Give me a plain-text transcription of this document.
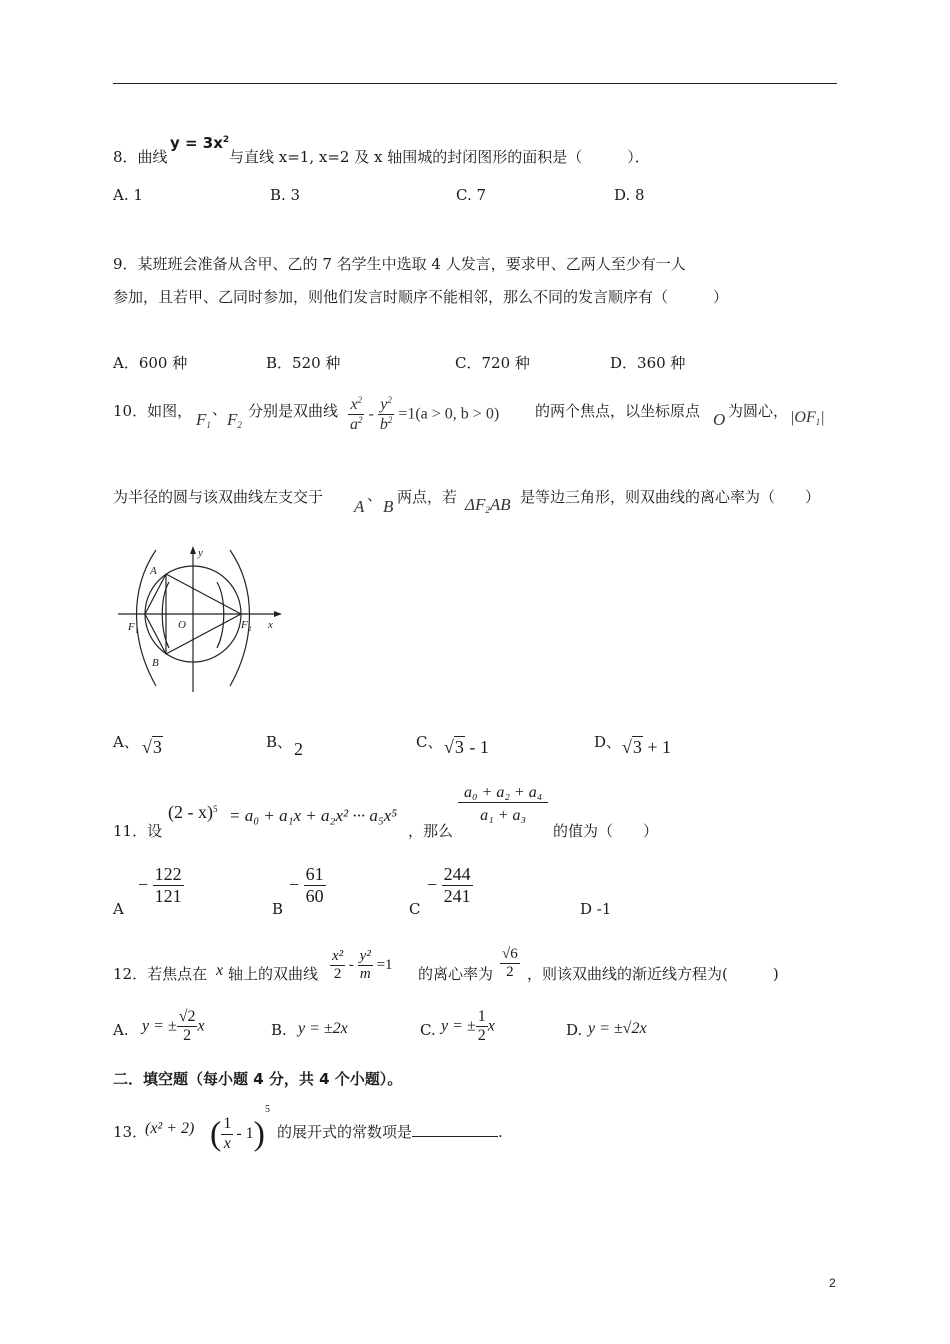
8．曲线
$y = 3x^2$
与直线 x=1, x=2 及 x 轴围城的封闭图形的面积是（　　　）．
A. 1	B. 3	C. 7	D. 8
9．某班班会准备从含甲、乙的 7 名学生中选取 4 人发言，要求甲、乙两人至少有一人
参加，且若甲、乙同时参加，则他们发言时顺序不能相邻，那么不同的发言顺序有（　　　）
A．600 种	B．520 种	C．720 种	D．360 种
10．如图， $F_1$
、
$F_2$
分别是双曲线 $\frac{x^2}{a^2} - \frac{y^2}{b^2} =1(a > 0$, b > 0) 的两个焦点，以坐标原点 O 为圆心， $|OF_1|$
为半径的圆与该双曲线左支交于 A
、
B 两点，若 $\Delta F_2AB$ 是等边三角形，则双曲线的离心率为（　　）
A
B
O
F 1	F 2 x
y
A、 √3	B、 2	C、 √3 - 1	D、 √3 + 1
11．设
(2 - x)$^5$ = a₀ + a₁x + a₂x² ··· a₅x⁵
，那么
$\frac{\text{a₀ + a₂ + a₄}}{\text{a₁ + a₃}}$
的值为（　　）
A
− $\frac{122}{121}$
B
− $\frac{61}{60}$
C
− $\frac{244}{241}$
D -1
12．若焦点在 x 轴上的双曲线 $\frac{\text{x²}}{2} - \frac{\text{y²}}{m} =1$ 的离心率为 $\frac{√6}{2}$ ，则该双曲线的渐近线方程为(　　　)
A. y = ± $\frac{√2}{2}$ x	B. y = ±2x	C. y = ± $\frac{1}{2}$ x	D. y = ±√2x
二．填空题（每小题 4 分，共 4 个小题）。
13．
(x² + 2) ( $\frac{1}{x} - 1)^5$
的展开式的常数项是	.
2
